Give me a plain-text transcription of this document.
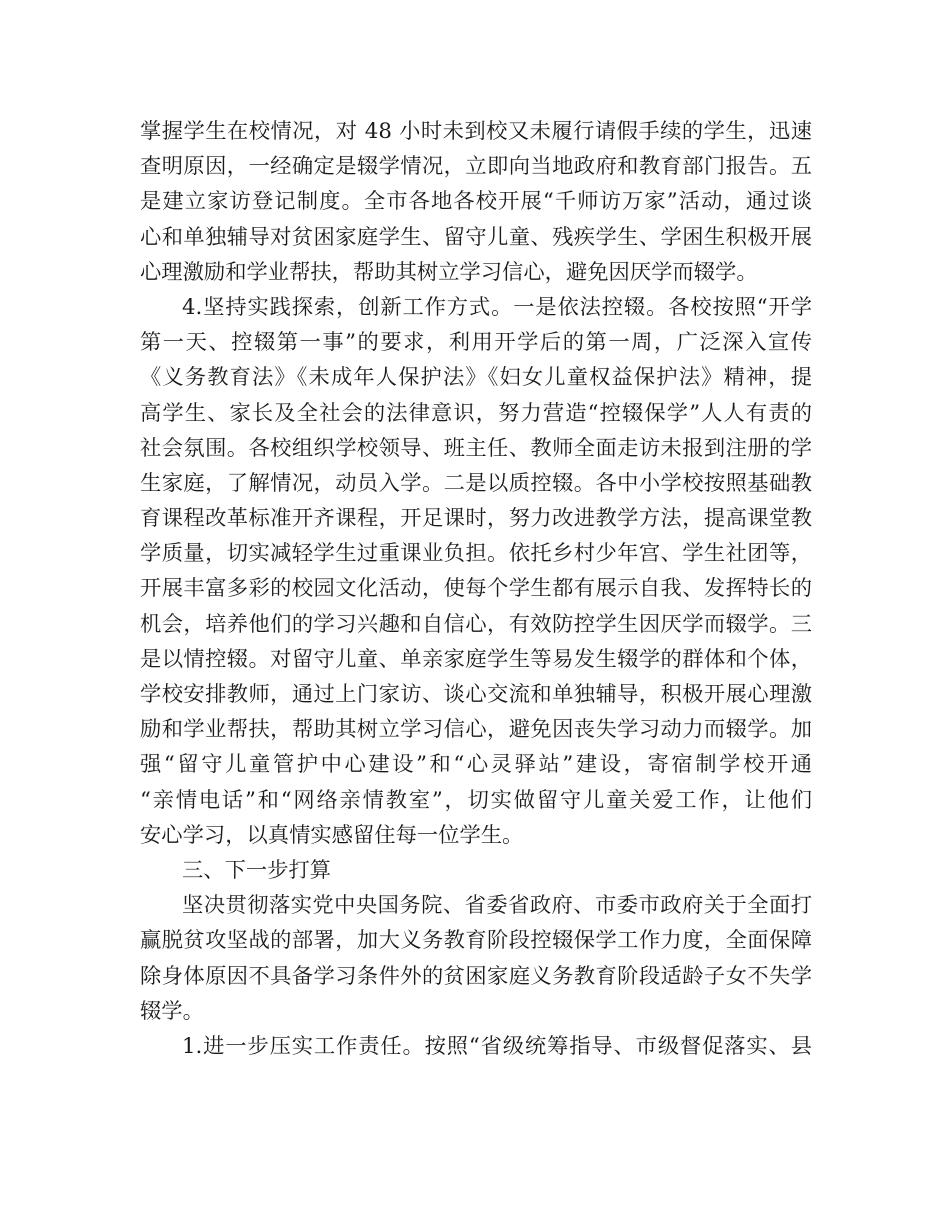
掌握学生在校情况，对 48 小时未到校又未履行请假手续的学生，迅速
查明原因，一经确定是辍学情况，立即向当地政府和教育部门报告。五
是建立家访登记制度。全市各地各校开展“千师访万家”活动，通过谈
心和单独辅导对贫困家庭学生、留守儿童、残疾学生、学困生积极开展
心理激励和学业帮扶，帮助其树立学习信心，避免因厌学而辍学。
4.坚持实践探索，创新工作方式。一是依法控辍。各校按照“开学
第一天、控辍第一事”的要求，利用开学后的第一周，广泛深入宣传
《义务教育法》《未成年人保护法》《妇女儿童权益保护法》精神，提
高学生、家长及全社会的法律意识，努力营造“控辍保学”人人有责的
社会氛围。各校组织学校领导、班主任、教师全面走访未报到注册的学
生家庭，了解情况，动员入学。二是以质控辍。各中小学校按照基础教
育课程改革标准开齐课程，开足课时，努力改进教学方法，提高课堂教
学质量，切实减轻学生过重课业负担。依托乡村少年宫、学生社团等，
开展丰富多彩的校园文化活动，使每个学生都有展示自我、发挥特长的
机会，培养他们的学习兴趣和自信心，有效防控学生因厌学而辍学。三
是以情控辍。对留守儿童、单亲家庭学生等易发生辍学的群体和个体，
学校安排教师，通过上门家访、谈心交流和单独辅导，积极开展心理激
励和学业帮扶，帮助其树立学习信心，避免因丧失学习动力而辍学。加
强“留守儿童管护中心建设”和“心灵驿站”建设，寄宿制学校开通
“亲情电话”和“网络亲情教室”，切实做留守儿童关爱工作，让他们
安心学习，以真情实感留住每一位学生。
三、下一步打算
坚决贯彻落实党中央国务院、省委省政府、市委市政府关于全面打
赢脱贫攻坚战的部署，加大义务教育阶段控辍保学工作力度，全面保障
除身体原因不具备学习条件外的贫困家庭义务教育阶段适龄子女不失学
辍学。
1.进一步压实工作责任。按照“省级统筹指导、市级督促落实、县
